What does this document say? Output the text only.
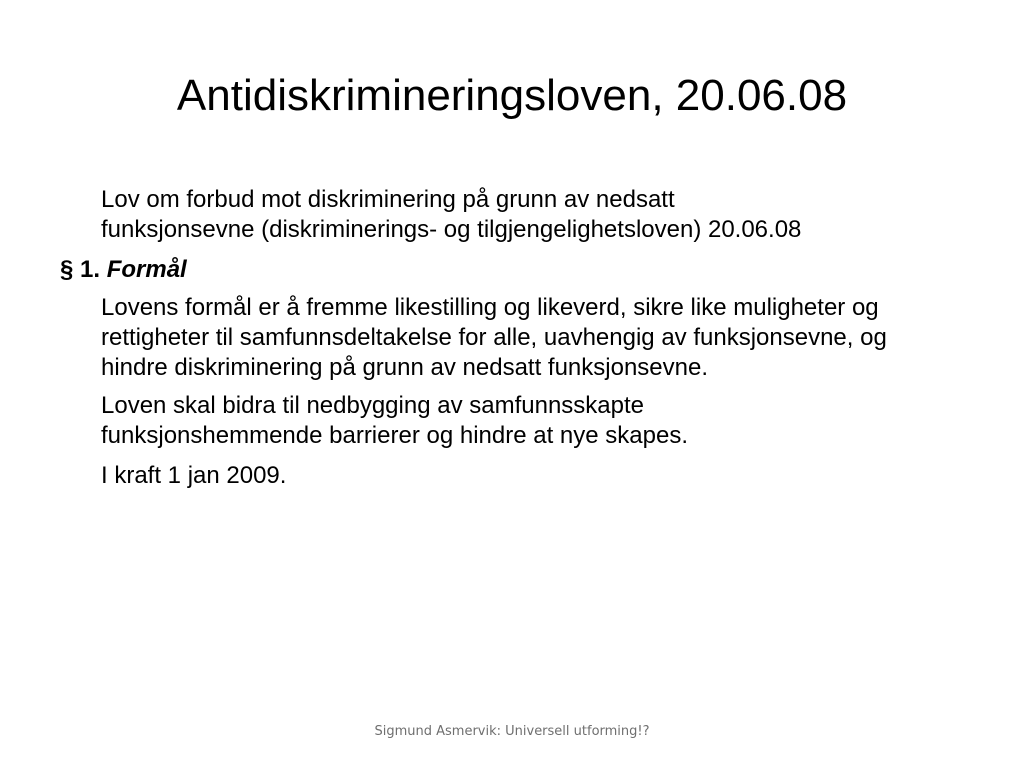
Antidiskrimineringsloven, 20.06.08

Lov om forbud mot diskriminering på grunn av nedsatt funksjonsevne (diskriminerings- og tilgjengelighetsloven) 20.06.08

§ 1. Formål

Lovens formål er å fremme likestilling og likeverd, sikre like muligheter og rettigheter til samfunnsdeltakelse for alle, uavhengig av funksjonsevne, og hindre diskriminering på grunn av nedsatt funksjonsevne.

Loven skal bidra til nedbygging av samfunnsskapte funksjonshemmende barrierer og hindre at nye skapes.

I kraft 1 jan 2009.

Sigmund Asmervik: Universell utforming!?
